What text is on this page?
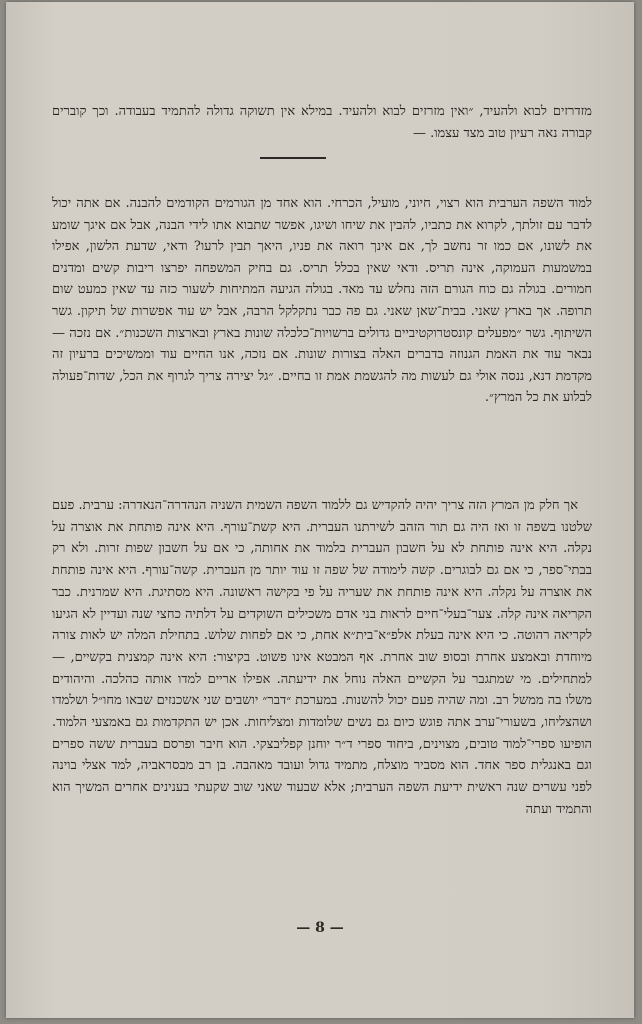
מזדרזים לבוא ולהעיד, ״ואין מזרזים לבוא ולהעיד. במילא אין תשוקה גדולה להתמיד בעבודה. וכך קוברים קבורה נאה רעיון טוב מצד עצמו. —

למוד השפה הערבית הוא רצוי, חיוני, מועיל, הכרחי. הוא אחד מן הגורמים הקודמים להבנה. אם אתה יכול לדבר עם זולתך, לקרוא את כתביו, להבין את שיחו ושיגו, אפשר שתבוא אתו לידי הבנה, אבל אם איגך שומע את לשונו, אם כמו זר נחשב לך, אם אינך רואה את פניו, היאך תבין לרעו? ודאי, שדעת הלשון, אפילו במשמעות העמוקה, אינה תריס. ודאי שאין בכלל תריס. גם בחיק המשפחה יפרצו ריבות קשים ומדנים חמורים. בגולה גם כוח הגורם הזה נחלש עד מאד. בגולה הגיעה המתיחות לשעור כזה עד שאין כמעט שום תרופה. אך בארץ שאני. בבית־שאן שאני. גם פה כבר נתקלקל הרבה, אבל יש עוד אפשרות של תיקון. גשר השיתוף. גשר ״מפעלים קונסטרוקטיביים גדולים ברשויות־כלכלה שונות בארץ ובארצות השכנות״. אם נזכה — נבאר עוד את האמת הגנוזה בדברים האלה בצורות שונות. אם נזכה, אנו החיים עוד וממשיכים ברעיון זה מקדמת דנא, ננסה אולי גם לעשות מה להגשמת אמת זו בחיים. ״גל יצירה צריך לגרוף את הכל, שדות־פעולה לבלוע את כל המרץ״.

אך חלק מן המרץ הזה צריך יהיה להקדיש גם ללמוד השפה השמית השניה הנהדרה־הנאדרה: ערבית. פעם שלטנו בשפה זו ואז היה גם תור הזהב לשירתנו העברית. היא קשת־עורף. היא אינה פותחת את אוצרה על נקלה. היא אינה פותחת לא על חשבון העברית בלמוד את אחותה, כי אם על חשבון שפות זרות. ולא רק בבתי־ספר, כי אם גם לבוגרים. קשה לימודה של שפה זו עוד יותר מן העברית. קשה־עורף. היא אינה פותחת את אוצרה על נקלה. היא אינה פותחת את שעריה על פי בקישה ראשונה. היא מסתיגת. היא שמרנית. כבר הקריאה אינה קלה. צער־בעלי־חיים לראות בני אדם משכילים השוקדים על דלתיה כחצי שנה ועדיין לא הגיעו לקריאה רהוטה. כי היא אינה בעלת אלפ״א־בית״א אחת, כי אם לפחות שלוש. בתחילת המלה יש לאות צורה מיוחדת ובאמצע אחרת ובסופ שוב אחרת. אף המבטא אינו פשוט. בקיצור: היא אינה קמצנית בקשיים, — למתחילים. מי שמתגבר על הקשיים האלה נוחל את ידיעתה. אפילו אריים למדו אותה כהלכה. והיהודים משלו בה ממשל רב. ומה שהיה פעם יכול להשנות. במערכת ״דבר״ יושבים שני אשכנזים שבאו מחו״ל ושלמדו ושהצליחו, בשעורי־ערב אתה פוגש כיום גם נשים שלומדות ומצליחות. אכן יש התקדמות גם באמצעי הלמוד. הופיעו ספרי־למוד טובים, מצוינים, ביחוד ספרי ד״ר יוחנן קפליבצקי. הוא חיבר ופרסם בעברית ששה ספרים וגם באנגלית ספר אחד. הוא מסביר מוצלח, מתמיד גדול ועובד מאהבה. בן רב מבסראביה, למד אצלי בוינה לפני עשרים שנה ראשית ידיעת השפה הערבית; אלא שבעוד שאני שוב שקעתי בענינים אחרים המשיך הוא והתמיד ועתה

— 8 —
